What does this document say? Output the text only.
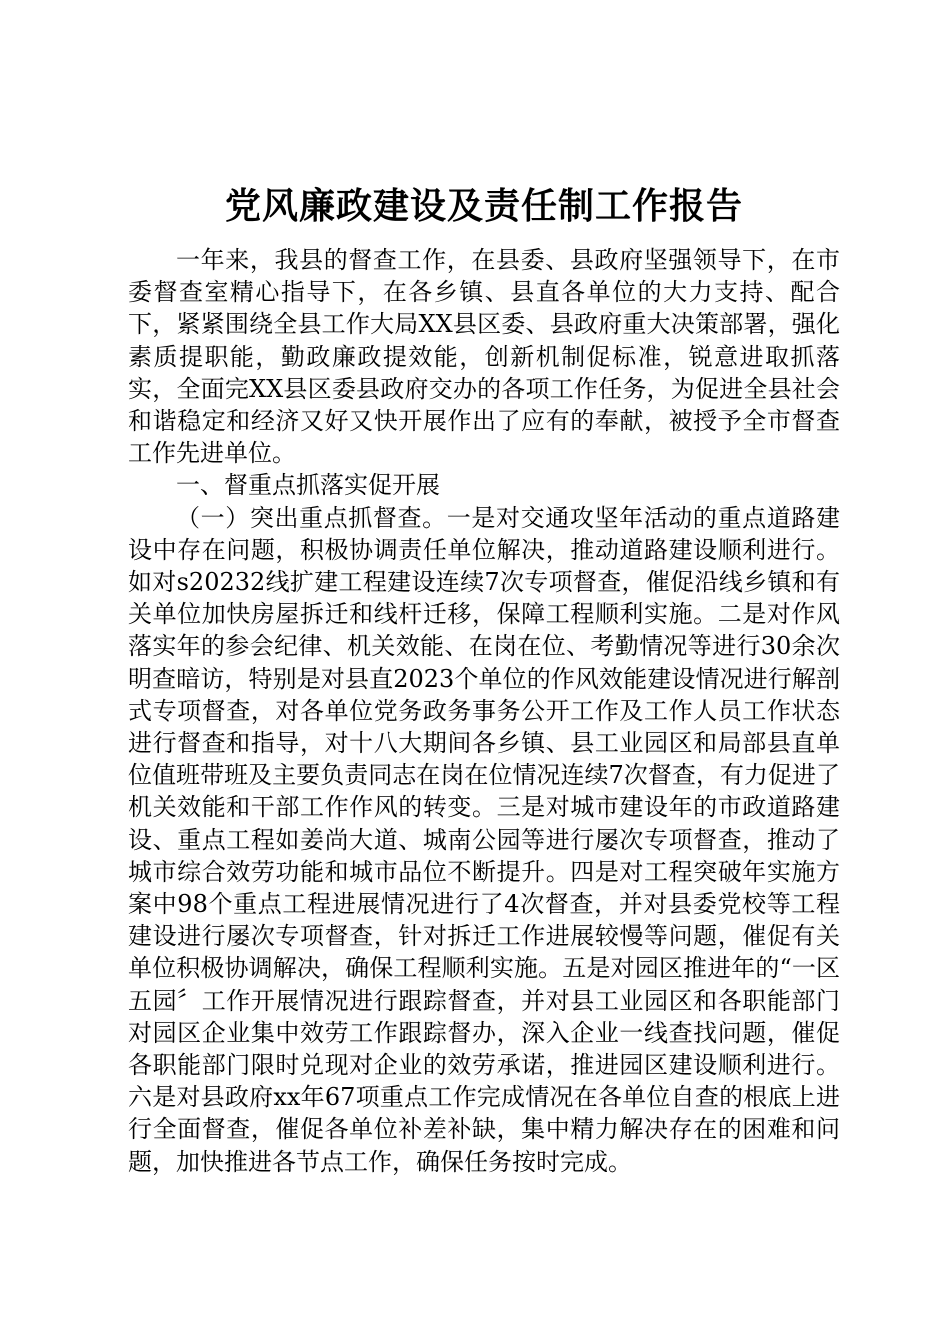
党风廉政建设及责任制工作报告

一年来，我县的督查工作，在县委、县政府坚强领导下，在市委督查室精心指导下，在各乡镇、县直各单位的大力支持、配合下，紧紧围绕全县工作大局XX县区委、县政府重大决策部署，强化素质提职能，勤政廉政提效能，创新机制促标准，锐意进取抓落实，全面完XX县区委县政府交办的各项工作任务，为促进全县社会和谐稳定和经济又好又快开展作出了应有的奉献，被授予全市督查工作先进单位。

一、督重点抓落实促开展

（一）突出重点抓督查。一是对交通攻坚年活动的重点道路建设中存在问题，积极协调责任单位解决，推动道路建设顺利进行。如对s20232线扩建工程建设连续7次专项督查，催促沿线乡镇和有关单位加快房屋拆迁和线杆迁移，保障工程顺利实施。二是对作风落实年的参会纪律、机关效能、在岗在位、考勤情况等进行30余次明查暗访，特别是对县直2023个单位的作风效能建设情况进行解剖式专项督查，对各单位党务政务事务公开工作及工作人员工作状态进行督查和指导，对十八大期间各乡镇、县工业园区和局部县直单位值班带班及主要负责同志在岗在位情况连续7次督查，有力促进了机关效能和干部工作作风的转变。三是对城市建设年的市政道路建设、重点工程如姜尚大道、城南公园等进行屡次专项督查，推动了城市综合效劳功能和城市品位不断提升。四是对工程突破年实施方案中98个重点工程进展情况进行了4次督查，并对县委党校等工程建设进行屡次专项督查，针对拆迁工作进展较慢等问题，催促有关单位积极协调解决，确保工程顺利实施。五是对园区推进年的“一区五园〞工作开展情况进行跟踪督查，并对县工业园区和各职能部门对园区企业集中效劳工作跟踪督办，深入企业一线查找问题，催促各职能部门限时兑现对企业的效劳承诺，推进园区建设顺利进行。六是对县政府xx年67项重点工作完成情况在各单位自查的根底上进行全面督查，催促各单位补差补缺，集中精力解决存在的困难和问题，加快推进各节点工作，确保任务按时完成。
